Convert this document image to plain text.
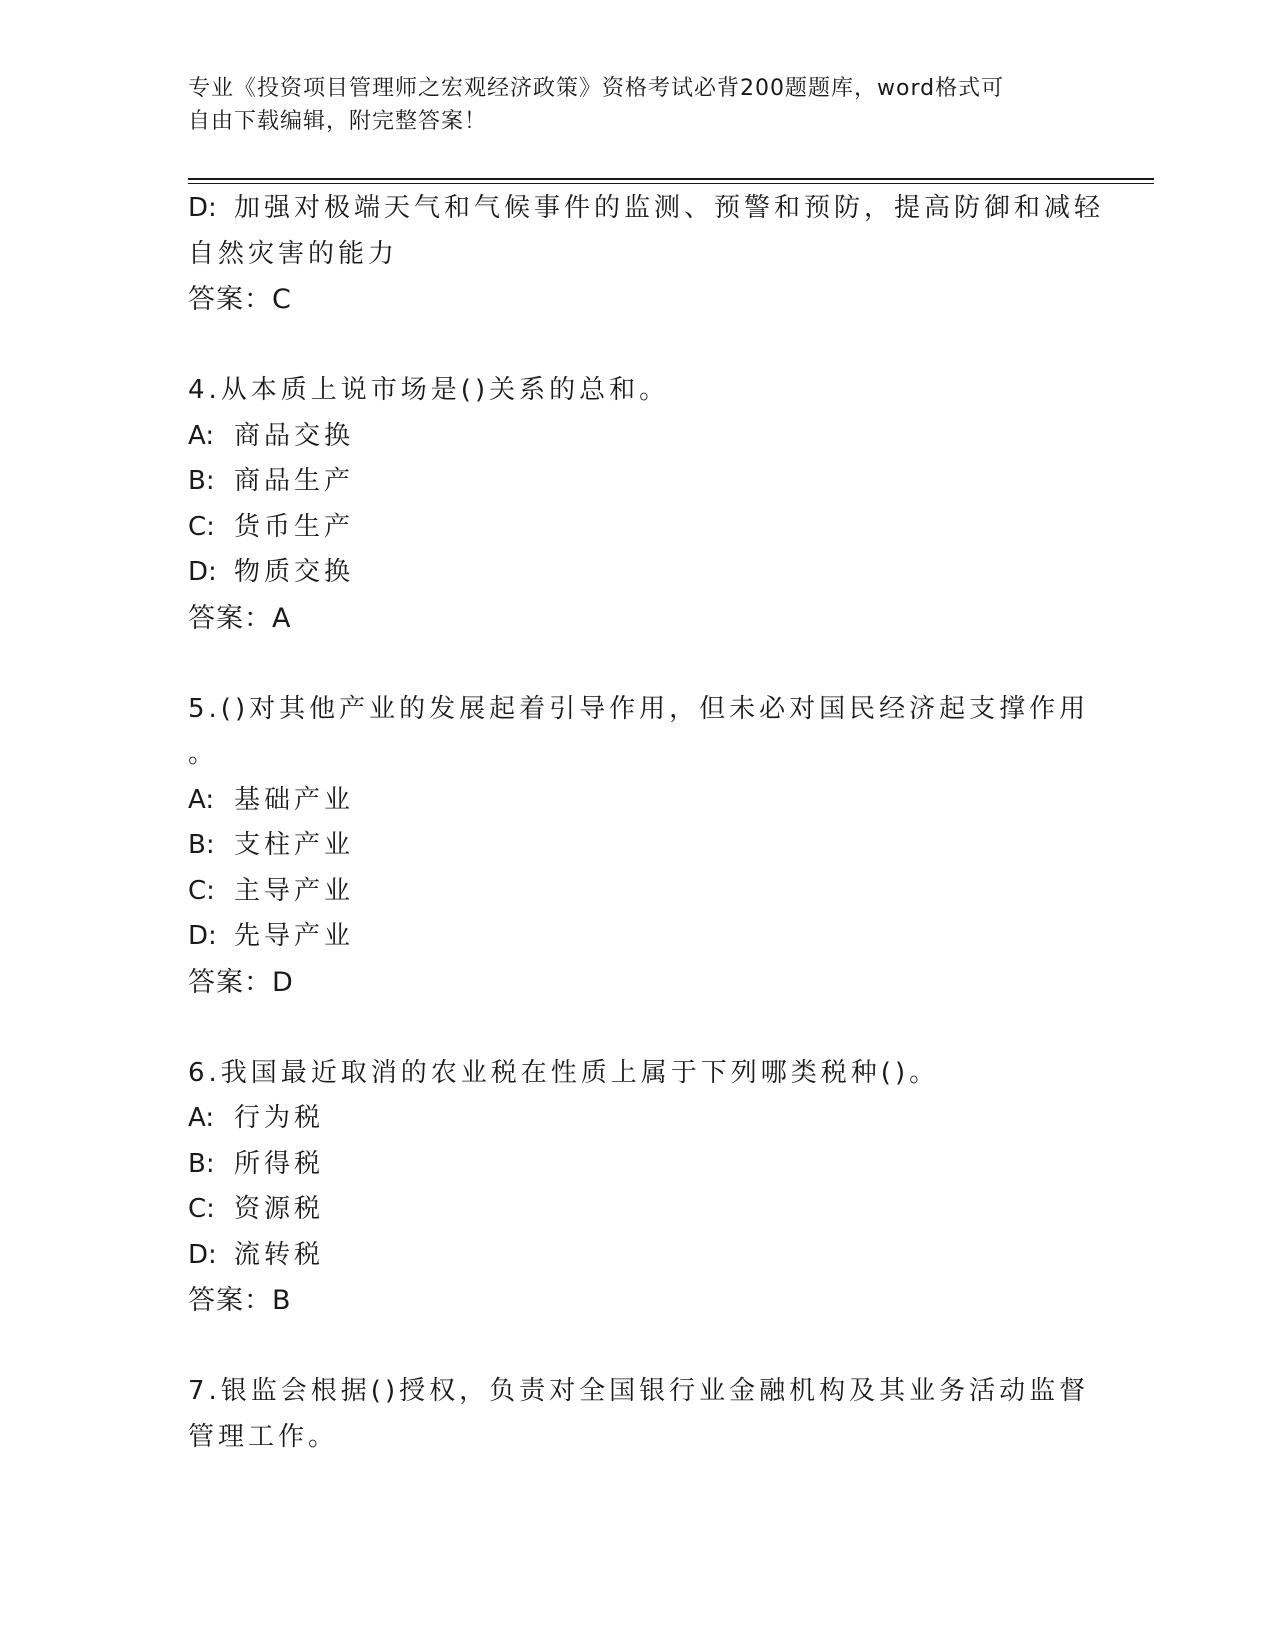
专业《投资项目管理师之宏观经济政策》资格考试必背200题题库，word格式可
自由下载编辑，附完整答案！
D: 加强对极端天气和气候事件的监测、预警和预防，提高防御和减轻
自然灾害的能力
答案：C
4.从本质上说市场是()关系的总和。
A: 商品交换
B: 商品生产
C: 货币生产
D: 物质交换
答案：A
5.()对其他产业的发展起着引导作用，但未必对国民经济起支撑作用
。
A: 基础产业
B: 支柱产业
C: 主导产业
D: 先导产业
答案：D
6.我国最近取消的农业税在性质上属于下列哪类税种()。
A: 行为税
B: 所得税
C: 资源税
D: 流转税
答案：B
7.银监会根据()授权，负责对全国银行业金融机构及其业务活动监督
管理工作。
